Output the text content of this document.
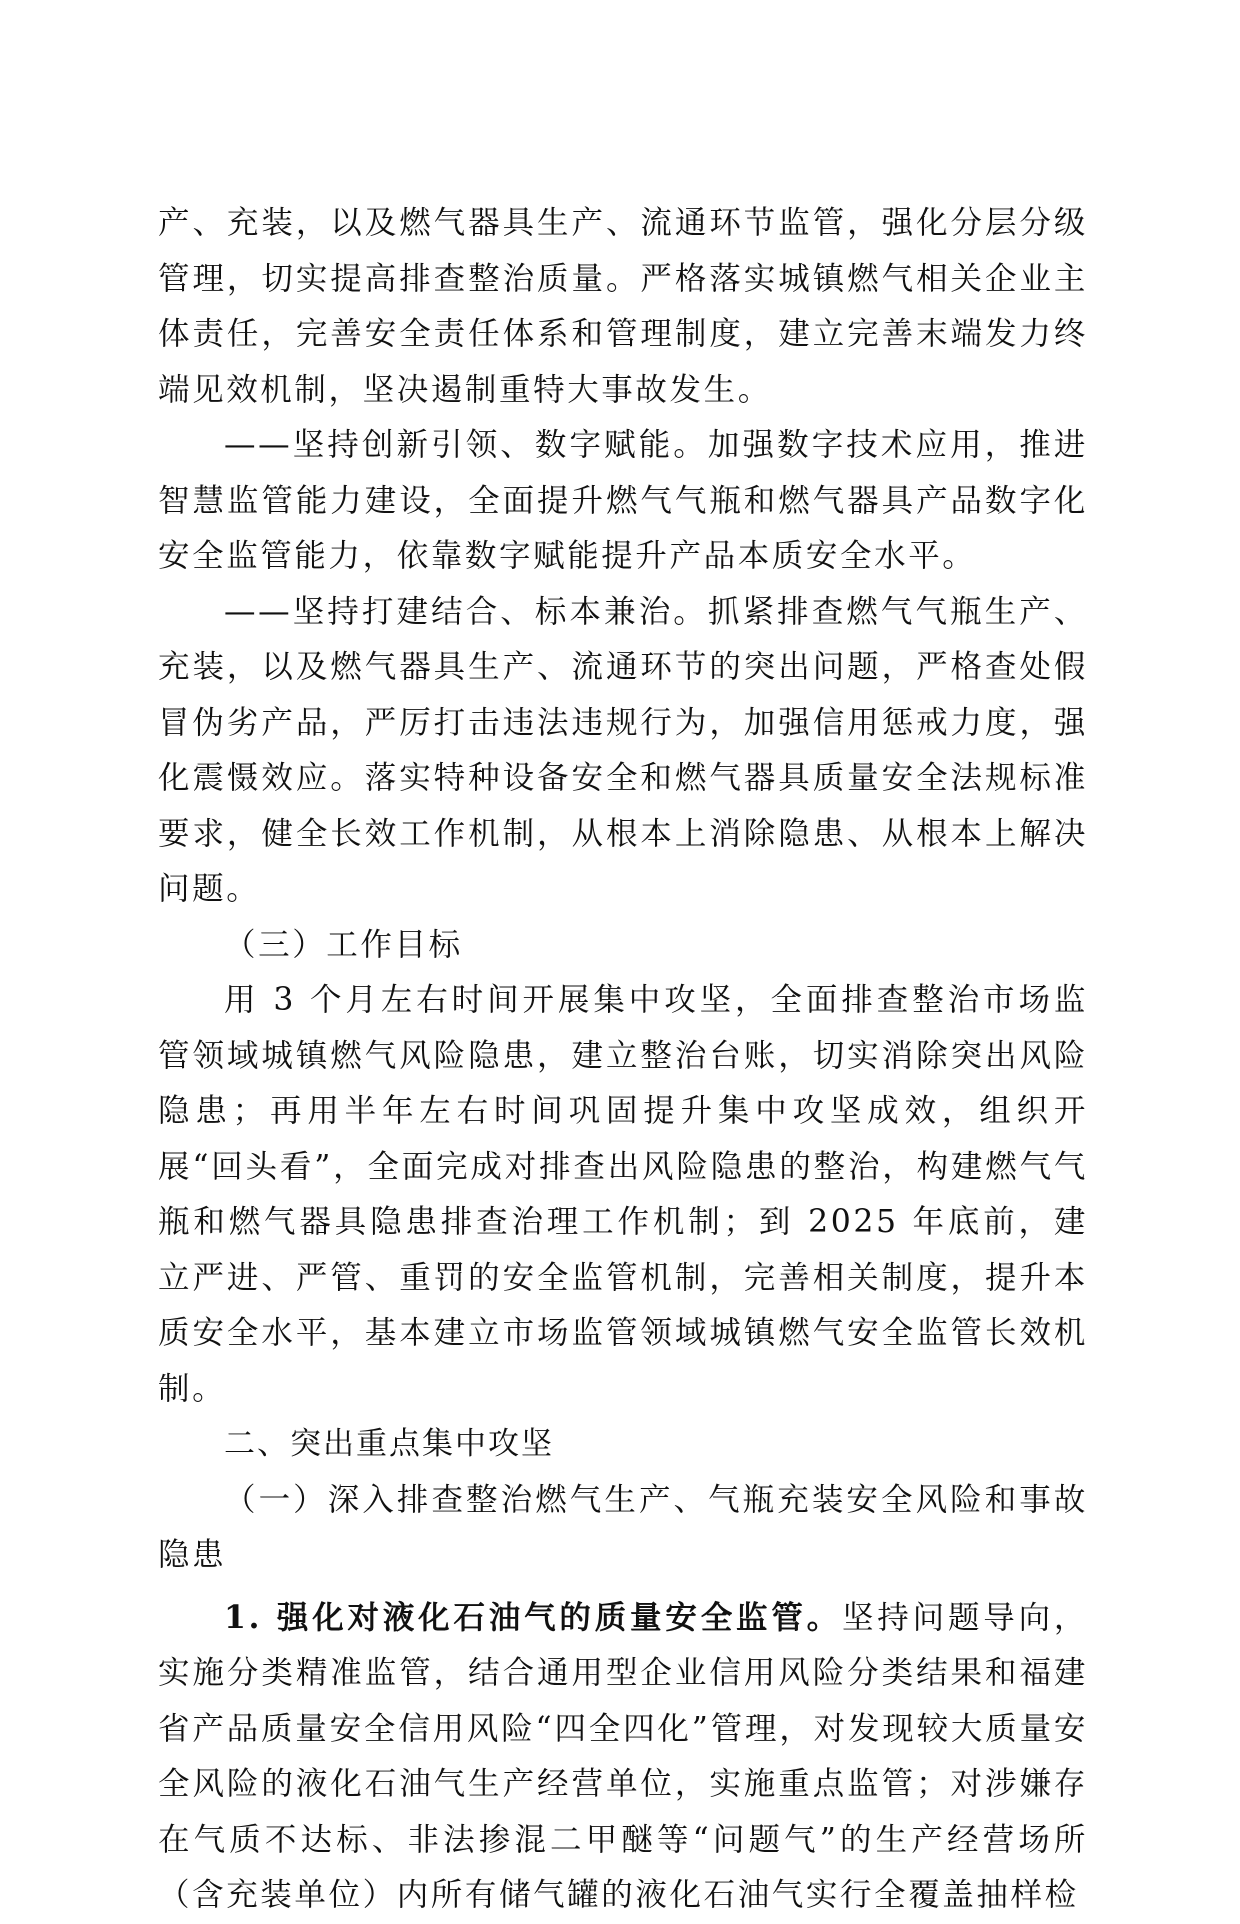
产、充装，以及燃气器具生产、流通环节监管，强化分层分级管理，切实提高排查整治质量。严格落实城镇燃气相关企业主体责任，完善安全责任体系和管理制度，建立完善末端发力终端见效机制，坚决遏制重特大事故发生。

——坚持创新引领、数字赋能。加强数字技术应用，推进智慧监管能力建设，全面提升燃气气瓶和燃气器具产品数字化安全监管能力，依靠数字赋能提升产品本质安全水平。

——坚持打建结合、标本兼治。抓紧排查燃气气瓶生产、充装，以及燃气器具生产、流通环节的突出问题，严格查处假冒伪劣产品，严厉打击违法违规行为，加强信用惩戒力度，强化震慑效应。落实特种设备安全和燃气器具质量安全法规标准要求，健全长效工作机制，从根本上消除隐患、从根本上解决问题。

（三）工作目标

用 3 个月左右时间开展集中攻坚，全面排查整治市场监管领域城镇燃气风险隐患，建立整治台账，切实消除突出风险隐患；再用半年左右时间巩固提升集中攻坚成效，组织开展“回头看”，全面完成对排查出风险隐患的整治，构建燃气气瓶和燃气器具隐患排查治理工作机制；到 2025 年底前，建立严进、严管、重罚的安全监管机制，完善相关制度，提升本质安全水平，基本建立市场监管领域城镇燃气安全监管长效机制。

二、突出重点集中攻坚

（一）深入排查整治燃气生产、气瓶充装安全风险和事故隐患

1. 强化对液化石油气的质量安全监管。坚持问题导向，实施分类精准监管，结合通用型企业信用风险分类结果和福建省产品质量安全信用风险“四全四化”管理，对发现较大质量安全风险的液化石油气生产经营单位，实施重点监管；对涉嫌存在气质不达标、非法掺混二甲醚等“问题气”的生产经营场所（含充装单位）内所有储气罐的液化石油气实行全覆盖抽样检
